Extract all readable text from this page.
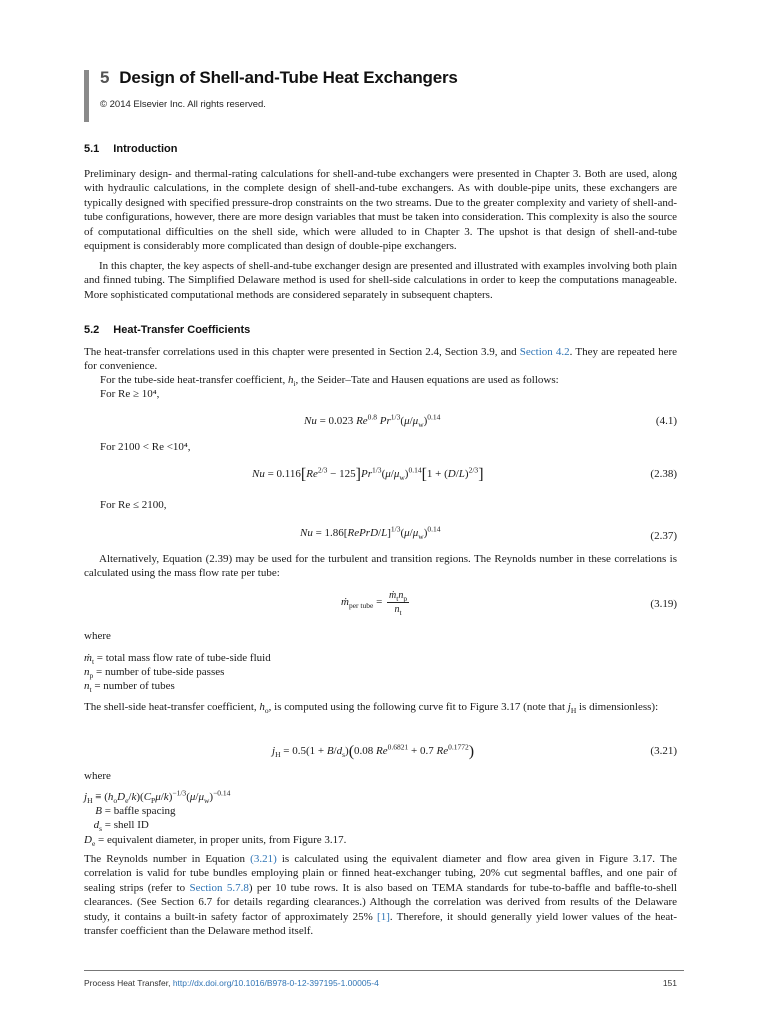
5 Design of Shell-and-Tube Heat Exchangers
© 2014 Elsevier Inc. All rights reserved.
5.1 Introduction
Preliminary design- and thermal-rating calculations for shell-and-tube exchangers were presented in Chapter 3. Both are used, along with hydraulic calculations, in the complete design of shell-and-tube exchangers. As with double-pipe units, these exchangers are typically designed with specified pressure-drop constraints on the two streams. Due to the greater complexity and variety of shell-and-tube configurations, however, there are more design variables that must be taken into consideration. This complexity is also the source of computational difficulties on the shell side, which were alluded to in Chapter 3. The upshot is that design of shell-and-tube equipment is considerably more complicated than design of double-pipe exchangers.
In this chapter, the key aspects of shell-and-tube exchanger design are presented and illustrated with examples involving both plain and finned tubing. The Simplified Delaware method is used for shell-side calculations in order to keep the computations manageable. More sophisticated computational methods are considered separately in subsequent chapters.
5.2 Heat-Transfer Coefficients
The heat-transfer correlations used in this chapter were presented in Section 2.4, Section 3.9, and Section 4.2. They are repeated here for convenience.
For the tube-side heat-transfer coefficient, $h_i$, the Seider–Tate and Hausen equations are used as follows:
For Re ≥ 10⁴,
Nu = 0.023 $Re^{0.8}$ $Pr^{1/3}(\mu/\mu_w)^{0.14}$	(4.1)
For 2100 < Re <10⁴,
$Nu = 0.116[Re^{2/3} - 125]Pr^{1/3}(\mu/\mu_w)^{0.14}[1 + (D/L)^{2/3}]$	(2.38)
For Re ≤ 2100,
$Nu = 1.86[RePrD/L]^{1/3}(\mu/\mu_w)^{0.14}$
(2.37)
Alternatively, Equation (2.39) may be used for the turbulent and transition regions. The Reynolds number in these correlations is calculated using the mass flow rate per tube:
ṁ$_{per tube}$ = $\frac{ṁ_tn_p}{n_t}$	(3.19)
where
ṁ$_t$ = total mass flow rate of tube-side fluid
$n_p$ = number of tube-side passes
$n_t$ = number of tubes
The shell-side heat-transfer coefficient, $h_o$, is computed using the following curve fit to Figure 3.17 (note that $j_H$ is dimensionless):
$j_H = 0.5(1 + B/d_s)(0.08$ $Re^{0.6821} + 0.7$ $Re^{0.1772}$)	(3.21)
where
$j_H \equiv (h_oD_e/k)(C_P\mu/k)^{-1/3}(\mu/\mu_w)^{-0.14}$
B = baffle spacing
$d_s$ = shell ID
$D_e$ = equivalent diameter, in proper units, from Figure 3.17.
The Reynolds number in Equation (3.21) is calculated using the equivalent diameter and flow area given in Figure 3.17. The correlation is valid for tube bundles employing plain or finned heat-exchanger tubing, 20% cut segmental baffles, and one pair of sealing strips (refer to Section 5.7.8) per 10 tube rows. It is also based on TEMA standards for tube-to-baffle and baffle-to-shell clearances. (See Section 6.7 for details regarding clearances.) Although the correlation was derived from results of the Delaware study, it contains a built-in safety factor of approximately 25% [1]. Therefore, it should generally yield lower values of the heat-transfer coefficient than the Delaware method itself.
Process Heat Transfer, http://dx.doi.org/10.1016/B978-0-12-397195-1.00005-4	151
